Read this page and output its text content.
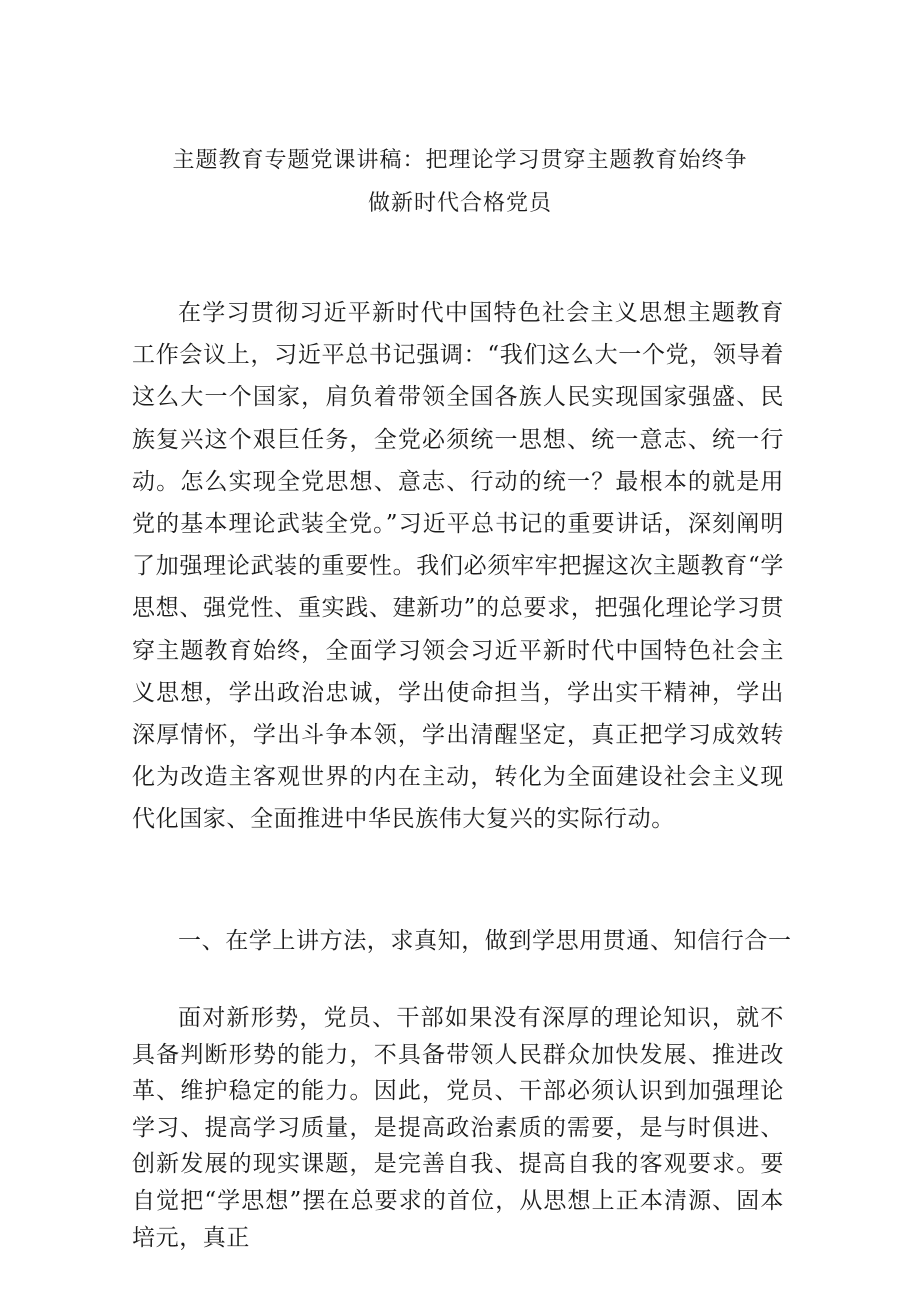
主题教育专题党课讲稿：把理论学习贯穿主题教育始终争
做新时代合格党员

在学习贯彻习近平新时代中国特色社会主义思想主题教育工作会议上，习近平总书记强调：“我们这么大一个党，领导着这么大一个国家，肩负着带领全国各族人民实现国家强盛、民族复兴这个艰巨任务，全党必须统一思想、统一意志、统一行动。怎么实现全党思想、意志、行动的统一？最根本的就是用党的基本理论武装全党。”习近平总书记的重要讲话，深刻阐明了加强理论武装的重要性。我们必须牢牢把握这次主题教育“学思想、强党性、重实践、建新功”的总要求，把强化理论学习贯穿主题教育始终，全面学习领会习近平新时代中国特色社会主义思想，学出政治忠诚，学出使命担当，学出实干精神，学出深厚情怀，学出斗争本领，学出清醒坚定，真正把学习成效转化为改造主客观世界的内在主动，转化为全面建设社会主义现代化国家、全面推进中华民族伟大复兴的实际行动。

一、在学上讲方法，求真知，做到学思用贯通、知信行合一

面对新形势，党员、干部如果没有深厚的理论知识，就不具备判断形势的能力，不具备带领人民群众加快发展、推进改革、维护稳定的能力。因此，党员、干部必须认识到加强理论学习、提高学习质量，是提高政治素质的需要，是与时俱进、创新发展的现实课题，是完善自我、提高自我的客观要求。要自觉把“学思想”摆在总要求的首位，从思想上正本清源、固本培元，真正
